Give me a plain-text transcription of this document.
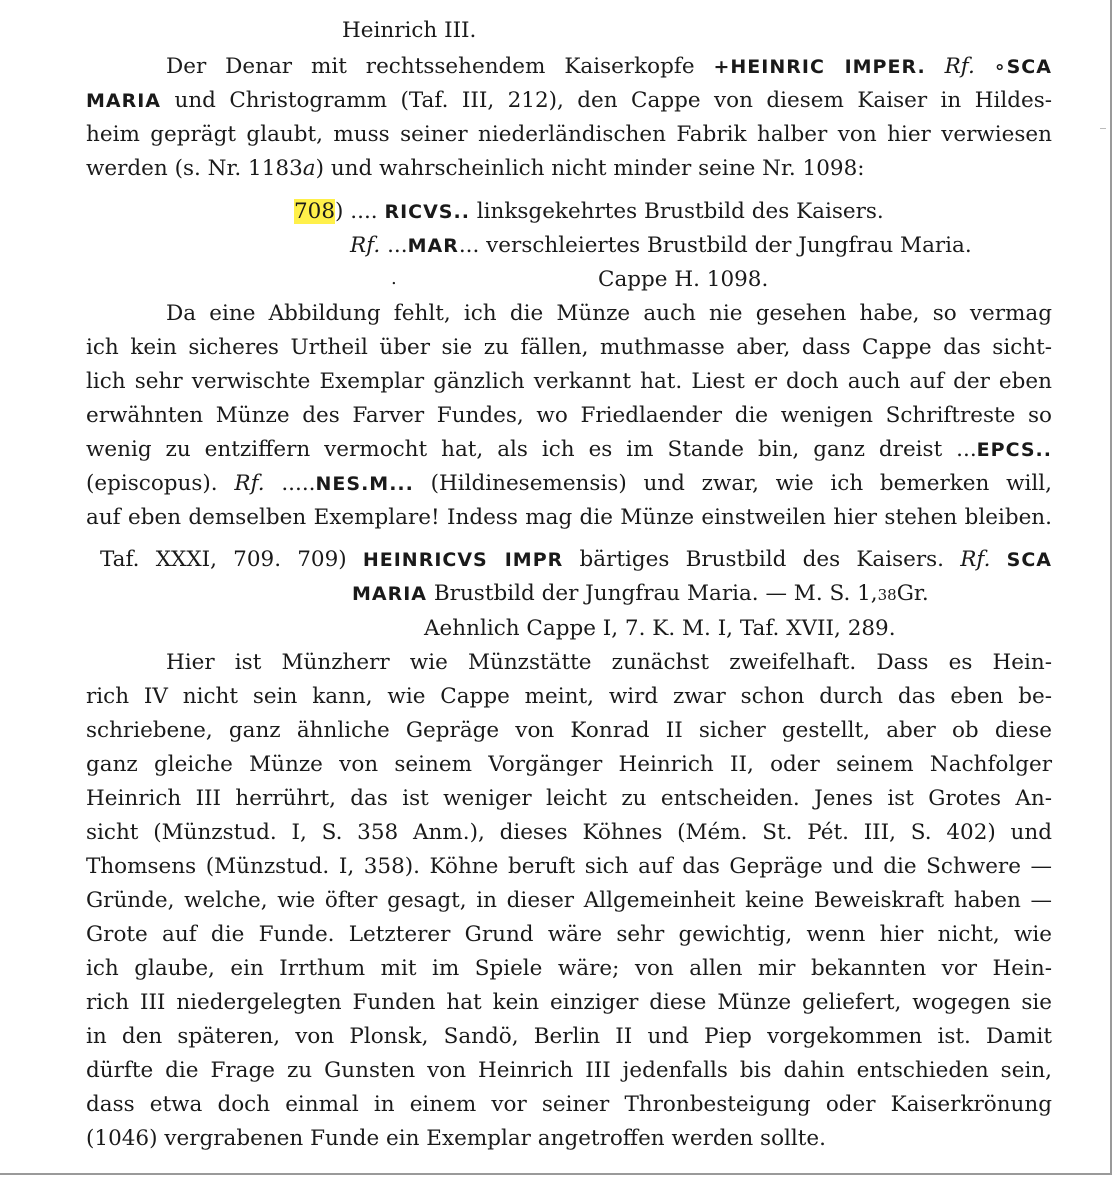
Heinrich III.
Der Denar mit rechtssehendem Kaiserkopfe +HEINRIC IMPER. Rf. ∘SCA
MARIA und Christogramm (Taf. III, 212), den Cappe von diesem Kaiser in Hildes-
heim geprägt glaubt, muss seiner niederländischen Fabrik halber von hier verwiesen
werden (s. Nr. 1183a) und wahrscheinlich nicht minder seine Nr. 1098:
708) .... RICVS.. linksgekehrtes Brustbild des Kaisers.
Rf. ...MAR... verschleiertes Brustbild der Jungfrau Maria.
.	Cappe H. 1098.
Da eine Abbildung fehlt, ich die Münze auch nie gesehen habe, so vermag
ich kein sicheres Urtheil über sie zu fällen, muthmasse aber, dass Cappe das sicht-
lich sehr verwischte Exemplar gänzlich verkannt hat. Liest er doch auch auf der eben
erwähnten Münze des Farver Fundes, wo Friedlaender die wenigen Schriftreste so
wenig zu entziffern vermocht hat, als ich es im Stande bin, ganz dreist ...EPCS..
(episcopus). Rf. .....NES.M... (Hildinesemensis) und zwar, wie ich bemerken will,
auf eben demselben Exemplare! Indess mag die Münze einstweilen hier stehen bleiben.
Taf. XXXI, 709. 709) HEINRICVS IMPR bärtiges Brustbild des Kaisers. Rf. SCA
MARIA Brustbild der Jungfrau Maria. — M. S. 1,38Gr.
Aehnlich Cappe I, 7. K. M. I, Taf. XVII, 289.
Hier ist Münzherr wie Münzstätte zunächst zweifelhaft. Dass es Hein-
rich IV nicht sein kann, wie Cappe meint, wird zwar schon durch das eben be-
schriebene, ganz ähnliche Gepräge von Konrad II sicher gestellt, aber ob diese
ganz gleiche Münze von seinem Vorgänger Heinrich II, oder seinem Nachfolger
Heinrich III herrührt, das ist weniger leicht zu entscheiden. Jenes ist Grotes An-
sicht (Münzstud. I, S. 358 Anm.), dieses Köhnes (Mém. St. Pét. III, S. 402) und
Thomsens (Münzstud. I, 358). Köhne beruft sich auf das Gepräge und die Schwere —
Gründe, welche, wie öfter gesagt, in dieser Allgemeinheit keine Beweiskraft haben —
Grote auf die Funde. Letzterer Grund wäre sehr gewichtig, wenn hier nicht, wie
ich glaube, ein Irrthum mit im Spiele wäre; von allen mir bekannten vor Hein-
rich III niedergelegten Funden hat kein einziger diese Münze geliefert, wogegen sie
in den späteren, von Plonsk, Sandö, Berlin II und Piep vorgekommen ist. Damit
dürfte die Frage zu Gunsten von Heinrich III jedenfalls bis dahin entschieden sein,
dass etwa doch einmal in einem vor seiner Thronbesteigung oder Kaiserkrönung
(1046) vergrabenen Funde ein Exemplar angetroffen werden sollte.
